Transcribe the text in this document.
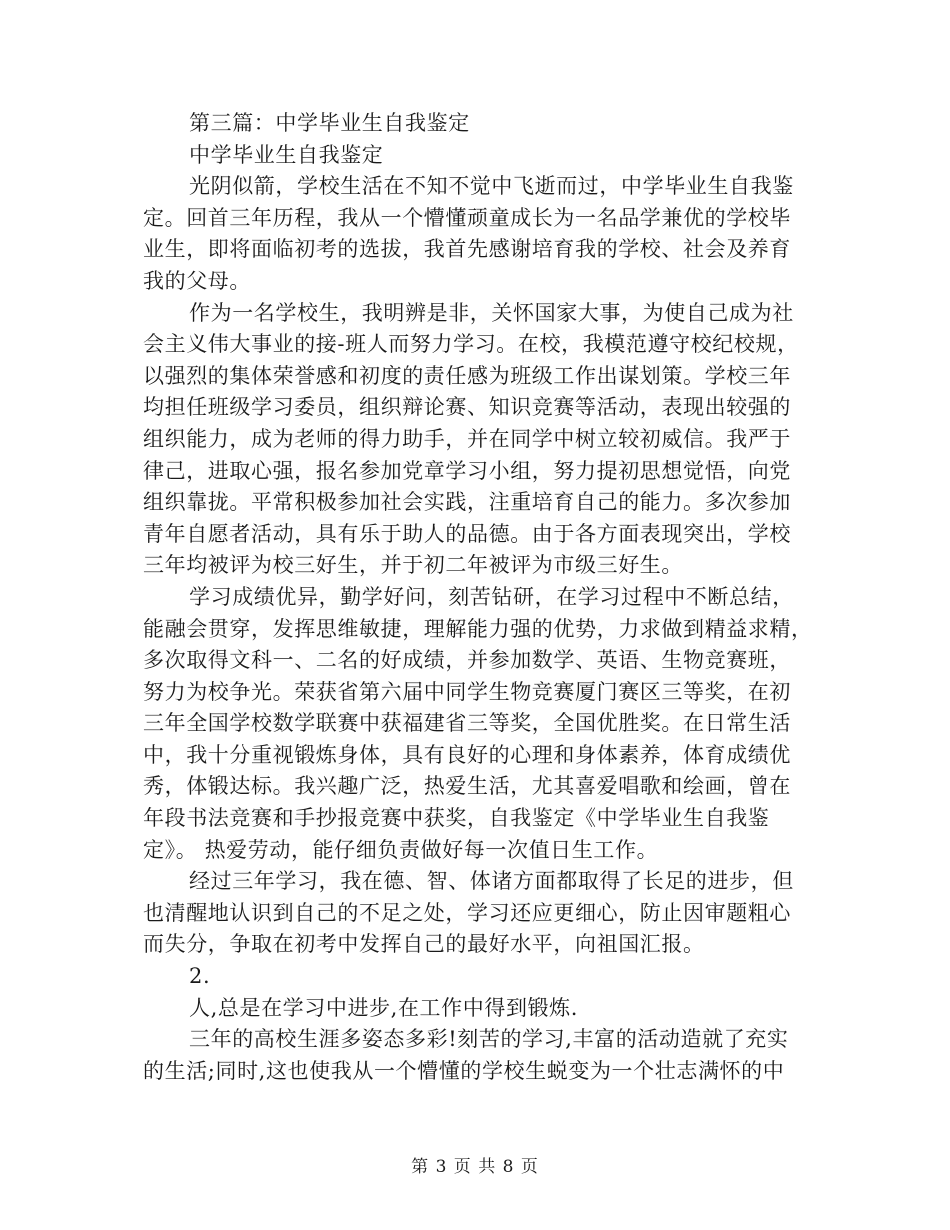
第三篇：中学毕业生自我鉴定
中学毕业生自我鉴定
光阴似箭，学校生活在不知不觉中飞逝而过，中学毕业生自我鉴
定。回首三年历程，我从一个懵懂顽童成长为一名品学兼优的学校毕
业生，即将面临初考的选拔，我首先感谢培育我的学校、社会及养育
我的父母。
作为一名学校生，我明辨是非，关怀国家大事，为使自己成为社
会主义伟大事业的接-班人而努力学习。在校，我模范遵守校纪校规，
以强烈的集体荣誉感和初度的责任感为班级工作出谋划策。学校三年
均担任班级学习委员，组织辩论赛、知识竞赛等活动，表现出较强的
组织能力，成为老师的得力助手，并在同学中树立较初威信。我严于
律己，进取心强，报名参加党章学习小组，努力提初思想觉悟，向党
组织靠拢。平常积极参加社会实践，注重培育自己的能力。多次参加
青年自愿者活动，具有乐于助人的品德。由于各方面表现突出，学校
三年均被评为校三好生，并于初二年被评为市级三好生。
学习成绩优异，勤学好问，刻苦钻研，在学习过程中不断总结，
能融会贯穿，发挥思维敏捷，理解能力强的优势，力求做到精益求精，
多次取得文科一、二名的好成绩，并参加数学、英语、生物竞赛班，
努力为校争光。荣获省第六届中同学生物竞赛厦门赛区三等奖，在初
三年全国学校数学联赛中获福建省三等奖，全国优胜奖。在日常生活
中，我十分重视锻炼身体，具有良好的心理和身体素养，体育成绩优
秀，体锻达标。我兴趣广泛，热爱生活，尤其喜爱唱歌和绘画，曾在
年段书法竞赛和手抄报竞赛中获奖，自我鉴定《中学毕业生自我鉴
定》。 热爱劳动，能仔细负责做好每一次值日生工作。
经过三年学习，我在德、智、体诸方面都取得了长足的进步，但
也清醒地认识到自己的不足之处，学习还应更细心，防止因审题粗心
而失分，争取在初考中发挥自己的最好水平，向祖国汇报。
2.
人,总是在学习中进步,在工作中得到锻炼.
三年的高校生涯多姿态多彩!刻苦的学习,丰富的活动造就了充实
的生活;同时,这也使我从一个懵懂的学校生蜕变为一个壮志满怀的中
第 3 页 共 8 页
